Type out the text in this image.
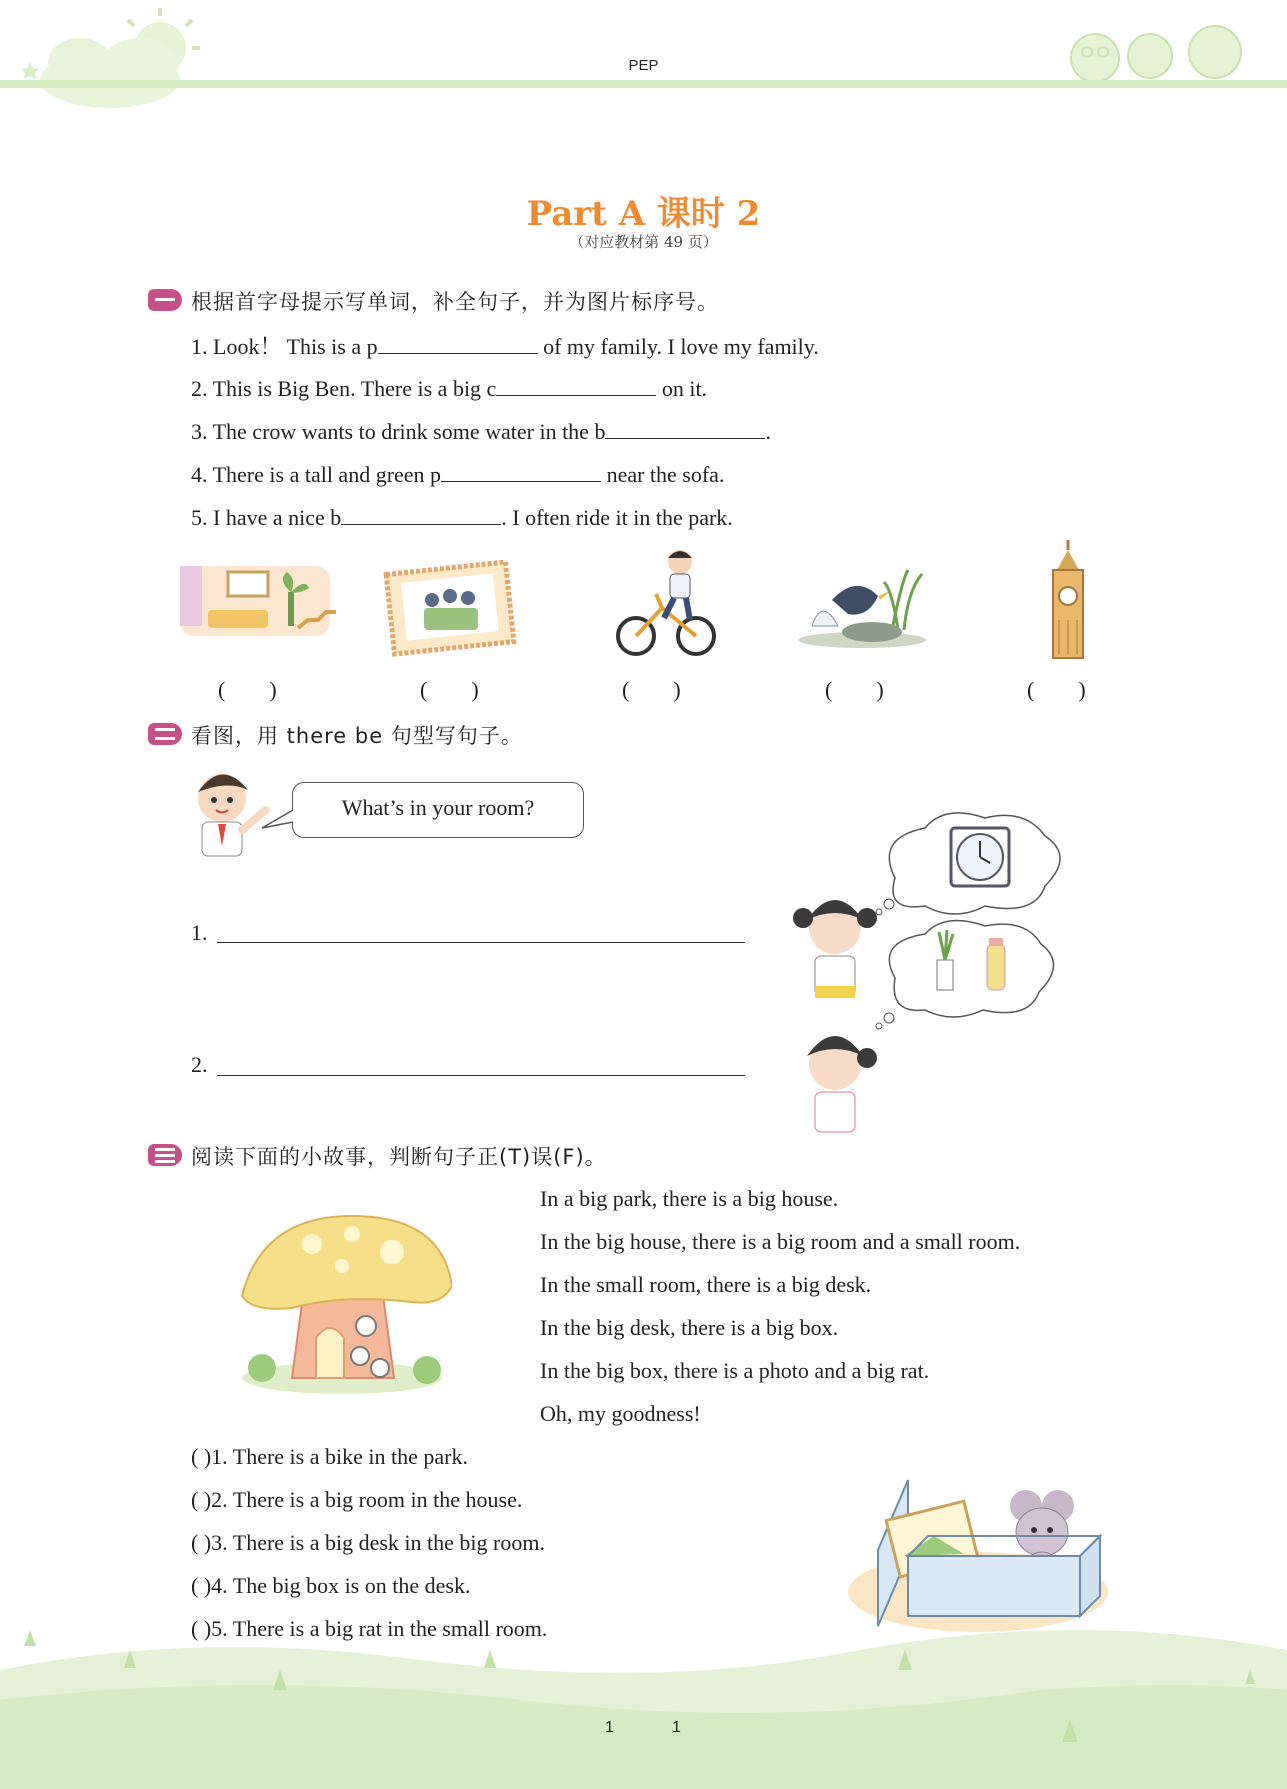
PEP
Part A 课时 2
（对应教材第 49 页）
根据首字母提示写单词，补全句子，并为图片标序号。
1. Look！ This is a p	of my family. I love my family.
2. This is Big Ben. There is a big c	on it.
3. The crow wants to drink some water in the b	.
4. There is a tall and green p	near the sofa.
5. I have a nice b	. I often ride it in the park.
(        )	(        )	(        )	(        )	(        )
看图，用 there be 句型写句子。
What’s in your room?
1.
2.
阅读下面的小故事，判断句子正(T)误(F)。
In a big park, there is a big house.
In the big house, there is a big room and a small room.
In the small room, there is a big desk.
In the big desk, there is a big box.
In the big box, there is a photo and a big rat.
Oh, my goodness!
( )1. There is a bike in the park.
( )2. There is a big room in the house.
( )3. There is a big desk in the big room.
( )4. The big box is on the desk.
( )5. There is a big rat in the small room.
1	1
